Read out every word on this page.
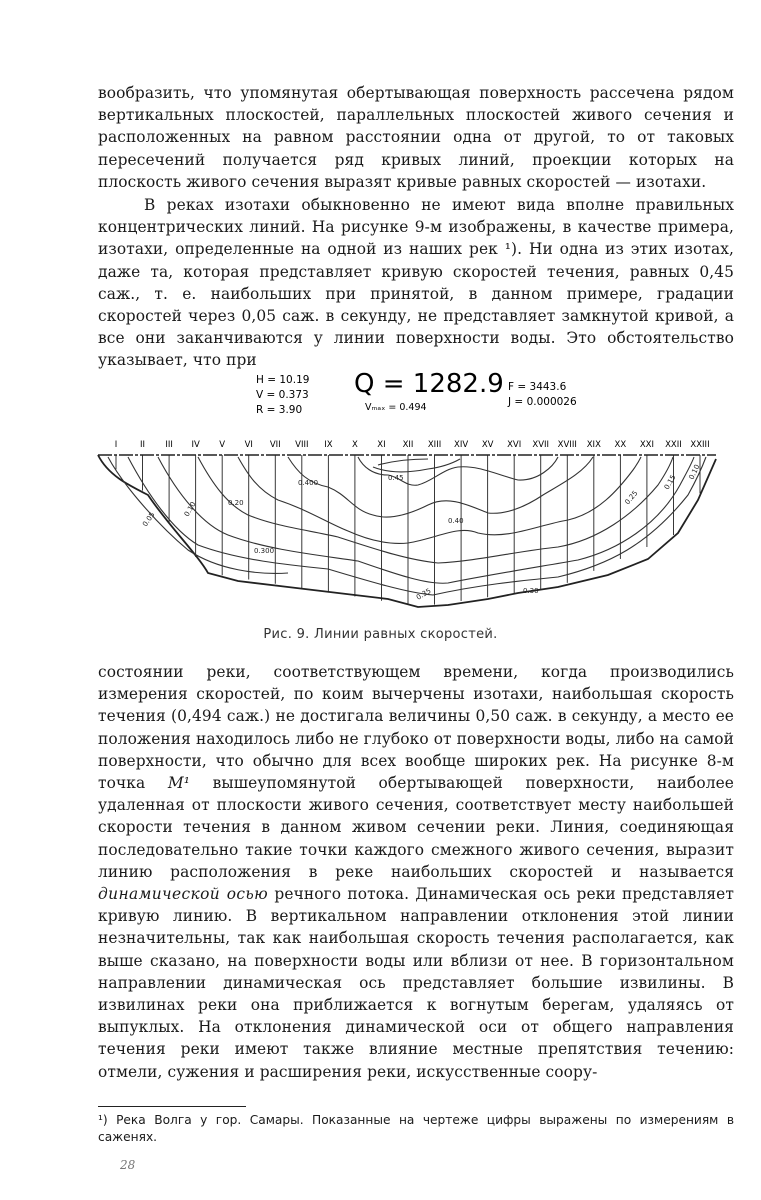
вообразить, что упомянутая обертывающая поверхность рассечена рядом вертикальных плоскостей, параллельных плоскостей живого сечения и расположенных на равном расстоянии одна от другой, то от таковых пересечений получается ряд кривых линий, проекции которых на плоскость живого сечения выразят кривые равных скоростей — изотахи.

В реках изотахи обыкновенно не имеют вида вполне правильных концентрических линий. На рисунке 9-м изображены, в качестве примера, изотахи, определенные на одной из наших рек ¹). Ни одна из этих изотах, даже та, которая представляет кривую скоростей течения, равных 0,45 саж., т. е. наибольших при принятой, в данном примере, градации скоростей через 0,05 саж. в секунду, не представляет замкнутой кривой, а все они заканчиваются у линии поверхности воды. Это обстоятельство указывает, что при

H = 10.19
V = 0.373
R = 3.90
Q = 1282.9
Vₘₐₓ = 0.494
F = 3443.6
J = 0.000026
I	II III IV V VI VII VIII IX X XI XII XIII XIV XV XVI XVII XVIII XIX XX XXI XXII XXIII
0.05
0.10	0.20
0.300
0.400
0.40
0.45
0.35	0.30
0.25
0.15
0.10
Рис. 9. Линии равных скоростей.

состоянии реки, соответствующем времени, когда производились измерения скоростей, по коим вычерчены изотахи, наибольшая скорость течения (0,494 саж.) не достигала величины 0,50 саж. в секунду, а место ее положения находилось либо не глубоко от поверхности воды, либо на самой поверхности, что обычно для всех вообще широких рек. На рисунке 8-м точка M¹ вышеупомянутой обертывающей поверхности, наиболее удаленная от плоскости живого сечения, соответствует месту наибольшей скорости течения в данном живом сечении реки. Линия, соединяющая последовательно такие точки каждого смежного живого сечения, выразит линию расположения в реке наибольших скоростей и называется динамической осью речного потока. Динамическая ось реки представляет кривую линию. В вертикальном направлении отклонения этой линии незначительны, так как наибольшая скорость течения располагается, как выше сказано, на поверхности воды или вблизи от нее. В горизонтальном направлении динамическая ось представляет большие извилины. В извилинах реки она приближается к вогнутым берегам, удаляясь от выпуклых. На отклонения динамической оси от общего направления течения реки имеют также влияние местные препятствия течению: отмели, сужения и расширения реки, искусственные соору-

¹) Река Волга у гор. Самары. Показанные на чертеже цифры выражены по измерениям в саженях.
28
